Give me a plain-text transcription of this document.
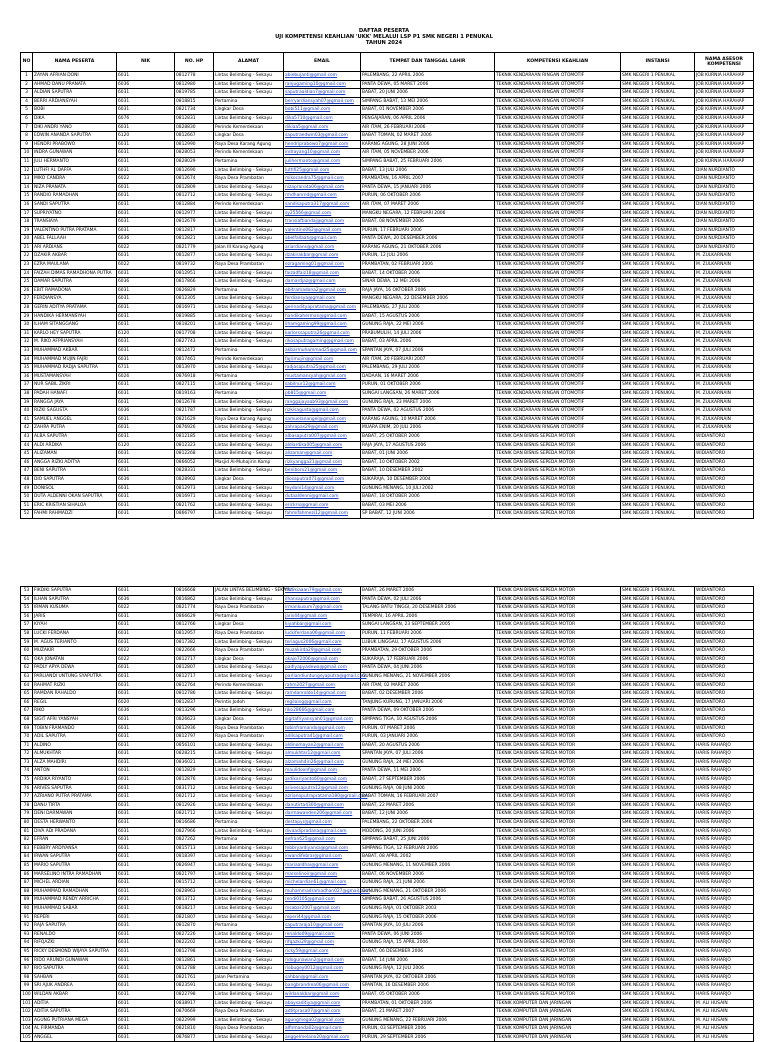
DAFTAR PESERTA
UJI KOMPETENSI KEAHLIAN 'UKK' MELALUI LSP P1 SMK NEGERI 1 PENUKAL
TAHUN 2024
NO	NAMA PESERTA	NIK	NO. HP	ALAMAT	EMAIL	TEMPAT DAN TANGGAL LAHIR	KOMPETENSI KEAHLIAN	INSTANSI	NAMA ASESOR KOMPETENSI
1	ZAYAN AFRIAN DONI	6031	0812778	Lintas Belimbing - Sekayu	abiebujanti@gmail.com	PALEMBANG, 22 APRIL 2006	TEKNIK KENDARAAN RINGAN OTOMOTIF	SMK NEGERI 1 PENUKAL	JOB KURNIA HARAHAP
2	AHMAD DANU PRANATA	6036	0812980	Lintas Belimbing - Sekayu	ranjugaming10@gmail.com	PANTA DEWA, 05 MARET 2006	TEKNIK KENDARAAN RINGAN OTOMOTIF	SMK NEGERI 1 PENUKAL	JOB KURNIA HARAHAP
3	ALDIAN SAPUTRA	6031	0819785	Lintas Belimbing - Sekayu	saputraaldian7@gmail.com	BABAT, 20 JUNI 2006	TEKNIK KENDARAAN RINGAN OTOMOTIF	SMK NEGERI 1 PENUKAL	JOB KURNIA HARAHAP
4	BERRI ARDIANSYAH	6031	0818815	Pertamina	berryardiansyah07@gmail.com	SIMPANG BABAT, 13 MEI 2006	TEKNIK KENDARAAN RINGAN OTOMOTIF	SMK NEGERI 1 PENUKAL	JOB KURNIA HARAHAP
5	BOBI	6031	0821734	Lingkar Desa	bobi511@gmail.com	BABAT, 01 NOVEMBER 2006	TEKNIK KENDARAAN RINGAN OTOMOTIF	SMK NEGERI 1 PENUKAL	JOB KURNIA HARAHAP
6	DIKA	6076	0812831	Lintas Belimbing - Sekayu	dika5710@gmail.com	PENGAJARAN, 06 APRIL 2006	TEKNIK KENDARAAN RINGAN OTOMOTIF	SMK NEGERI 1 PENUKAL	JOB KURNIA HARAHAP
7	DIKI ANDRI YANO	6031	0828830	Perindo Kemerdekaan	dikiaa5@gmail.com	AIR ITAM, 26 FEBRUARI 2006	TEKNIK KENDARAAN RINGAN OTOMOTIF	SMK NEGERI 1 PENUKAL	JOB KURNIA HARAHAP
8	EDWIN ANANDA SAPUTRA	6120	0812667	Lingkar Desa	saputraedwin03@gmail.com	BABAT TOMAN, 02 MARET 2006	TEKNIK KENDARAAN RINGAN OTOMOTIF	SMK NEGERI 1 PENUKAL	JOB KURNIA HARAHAP
9	HENDRI PRABOWO	6031	0812990	Raya Desa Karang Agung	hendriprabowo7@gmail.com	KARANG AGUNG, 28 JUNI 2006	TEKNIK KENDARAAN RINGAN OTOMOTIF	SMK NEGERI 1 PENUKAL	JOB KURNIA HARAHAP
10	INDRA GUNAWAN	6031	0828053	Perindo Kemerdekaan	indrayang10@gmail.com	AIR ITAM, 05 NOVEMBER 2006	TEKNIK KENDARAAN RINGAN OTOMOTIF	SMK NEGERI 1 PENUKAL	JOB KURNIA HARAHAP
11	JULI HERMANTO	6031	0828029	Pertamina	julihermanto@gmail.com	SIMPANG BABAT, 25 FEBRUARI 2006	TEKNIK KENDARAAN RINGAN OTOMOTIF	SMK NEGERI 1 PENUKAL	JOB KURNIA HARAHAP
12	LUTHFI AL DAFFA	6031	0812690	Lintas Belimbing - Sekayu	luthfi25@gmail.com	BABAT, 13 JULI 2006	TEKNIK KENDARAAN RINGAN OTOMOTIF	SMK NEGERI 1 PENUKAL	DIAN NURDIANTO
13	MIKO CANDRA	6022	0812674	Raya Desa Prambatan	mikocandra75@gmail.com	PRAMBATAN, 16 APRIL 2007	TEKNIK KENDARAAN RINGAN OTOMOTIF	SMK NEGERI 1 PENUKAL	DIAN NURDIANTO
14	NIZA PRANATA	6031	0812809	Lintas Belimbing - Sekayu	nizapranata06@gmail.com	PANTA DEWA, 15 JANUARI 2006	TEKNIK KENDARAAN RINGAN OTOMOTIF	SMK NEGERI 1 PENUKAL	DIAN NURDIANTO
15	RANDIO RAMADHAN	6031	0812712	Lintas Belimbing - Sekayu	rmdhanrnd@gmail.com	PURUN, 06 OKTOBER 2006	TEKNIK KENDARAAN RINGAN OTOMOTIF	SMK NEGERI 1 PENUKAL	DIAN NURDIANTO
16	SANDI SAPUTRA	6031	0812884	Perindo Kemerdekaan	sandisaputra317@gmail.com	AIR ITAM, 07 MARET 2006	TEKNIK KENDARAAN RINGAN OTOMOTIF	SMK NEGERI 1 PENUKAL	DIAN NURDIANTO
17	SUPRIYATNO	6031	0812977	Lintas Belimbing - Sekayu	sy25566@gmail.com	MANGKU NEGARA, 12 FEBRUARI 2006	TEKNIK KENDARAAN RINGAN OTOMOTIF	SMK NEGERI 1 PENUKAL	DIAN NURDIANTO
18	TRANSIAYA	6031	0812679	Lintas Belimbing - Sekayu	transiaftiandaj@gmail.com	BABAT, 08 NOVEMBER 2006	TEKNIK KENDARAAN RINGAN OTOMOTIF	SMK NEGERI 1 PENUKAL	DIAN NURDIANTO
19	VALENTINO PUTRA PRATAMA	6031	0812817	Lintas Belimbing - Sekayu	valentino062@gmail.com	PURUN, 17 FEBRUARI 2006	TEKNIK KENDARAAN RINGAN OTOMOTIF	SMK NEGERI 1 PENUKAL	DIAN NURDIANTO
20	ABEL FALLAAH	6036	0812821	Lintas Belimbing - Sekayu	abelfallaah@gmail.com	PANTA DEWA, 20 DESEMBER 2006	TEKNIK KENDARAAN RINGAN OTOMOTIF	SMK NEGERI 1 PENUKAL	DIAN NURDIANTO
21	ARI ARDIANS	6022	0821779	Jalan III Karang Agung	ariardians@gmail.com	KARANG AGUNG, 21 OKTOBER 2006	TEKNIK KENDARAAN RINGAN OTOMOTIF	SMK NEGERI 1 PENUKAL	DIAN NURDIANTO
22	DZAKIR AKBAR	6031	0812877	Lintas Belimbing - Sekayu	dzakirakbar@gmail.com	PURUN, 12 JULI 2006	TEKNIK KENDARAAN RINGAN OTOMOTIF	SMK NEGERI 1 PENUKAL	M. ZULKARNAIN
23	EZRA MAULANA	6022	0819732	Raya Desa Prambatan	ezragaming01@gmail.com	PRAMBATAN, 02 FEBRUARI 2006	TEKNIK KENDARAAN RINGAN OTOMOTIF	SMK NEGERI 1 PENUKAL	M. ZULKARNAIN
24	FAIZAH DIMAS RAMADHONA PUTRA	6031	0812951	Lintas Belimbing - Sekayu	faizadfaiz18@gmail.com	BABAT, 14 OKTOBER 2006	TEKNIK KENDARAAN RINGAN OTOMOTIF	SMK NEGERI 1 PENUKAL	M. ZULKARNAIN
25	DAMAR SAPUTRA	6036	0817866	Lintas Belimbing - Sekayu	damardjaz@gmail.com	SINAR DEWA, 12 MEI 2006	TEKNIK KENDARAAN RINGAN OTOMOTIF	SMK NEGERI 1 PENUKAL	M. ZULKARNAIN
26	EBIT RAMADONA	6031	0826829	Pertamina	ebitramadona2@gmail.com	RAJA JAYA, 16 OKTOBER 2006	TEKNIK KENDARAAN RINGAN OTOMOTIF	SMK NEGERI 1 PENUKAL	M. ZULKARNAIN
27	FERDIANSYA	6031	0812305	Lintas Belimbing - Sekayu	ferdiansya@gmail.com	MANGKU NEGARA, 22 DESEMBER 2006	TEKNIK KENDARAAN RINGAN OTOMOTIF	SMK NEGERI 1 PENUKAL	M. ZULKARNAIN
28	GERIN ADITYA PRATAMA	6031	0816971	Lintas Belimbing - Sekayu	gerinadityapratama@gmail.com	PALEMBANG, 27 JULI 2006	TEKNIK KENDARAAN RINGAN OTOMOTIF	SMK NEGERI 1 PENUKAL	M. ZULKARNAIN
29	HANDIKA HERMANSYAH	6031	0819885	Lintas Belimbing - Sekayu	handikaherman@gmail.com	BABAT, 15 AGUSTUS 2006	TEKNIK KENDARAAN RINGAN OTOMOTIF	SMK NEGERI 1 PENUKAL	M. ZULKARNAIN
30	ILHAM SITANGGANG	6031	0818201	Lintas Belimbing - Sekayu	ilhamgaming99@gmail.com	GUNUNG RAJA, 22 MEI 2006	TEKNIK KENDARAAN RINGAN OTOMOTIF	SMK NEGERI 1 PENUKAL	M. ZULKARNAIN
31	KARLO HEY SAPUTRA	6120	0817708	Lintas Belimbing - Sekayu	karlorssaputra26@gmail.com	PRABUMULIH, 14 JULI 2006	TEKNIK KENDARAAN RINGAN OTOMOTIF	SMK NEGERI 1 PENUKAL	M. ZULKARNAIN
32	M. RIKO AFPRIANSYAH	6031	0827743	Lintas Belimbing - Sekayu	rikosaputragaming@gmail.com	BABAT, 03 APRIL 2006	TEKNIK KENDARAAN RINGAN OTOMOTIF	SMK NEGERI 1 PENUKAL	M. ZULKARNAIN
33	MUHAMMAD AKBAR	6031	0812472	Pertamina	akbarmuhammad25@gmail.com	SPANTAN JAYA, 07 JULI 2006	TEKNIK KENDARAAN RINGAN OTOMOTIF	SMK NEGERI 1 PENUKAL	M. ZULKARNAIN
34	MUHAMMAD MUJIN FAJRI	6031	0817461	Perindo Kemerdekaan	fajrimujin@gmail.com	AIR ITAM, 20 FEBRUARI 2007	TEKNIK KENDARAAN RINGAN OTOMOTIF	SMK NEGERI 1 PENUKAL	M. ZULKARNAIN
35	MUHAMMAD RADJA SAPUTRA	6711	0813970	Lintas Belimbing - Sekayu	radjasaputra25@gmail.com	PALEMBANG, 29 JULI 2006	TEKNIK KENDARAAN RINGAN OTOMOTIF	SMK NEGERI 1 PENUKAL	M. ZULKARNAIN
36	MUSTAMANSYAH	6026	0876918	Pertamina	mustamansyah@gmail.com	DADAAN, 16 MARET 2006	TEKNIK KENDARAAN RINGAN OTOMOTIF	SMK NEGERI 1 PENUKAL	M. ZULKARNAIN
37	NUR SABIL ZIKRI	6031	0827115	Lintas Belimbing - Sekayu	sabilnur12@gmail.com	PURUN, 01 OKTOBER 2006	TEKNIK KENDARAAN RINGAN OTOMOTIF	SMK NEGERI 1 PENUKAL	M. ZULKARNAIN
38	PADAH HANAFI	6031	0819163	Pertamina	pb815@gmail.com	SUNGAI LANGSAN, 26 MARET 2006	TEKNIK KENDARAAN RINGAN OTOMOTIF	SMK NEGERI 1 PENUKAL	M. ZULKARNAIN
39	RANGGA JAYA	6031	0812678	Lintas Belimbing - Sekayu	ranggajayaab93@gmail.com	GUNUNG RAJA, 23 MARET 2006	TEKNIK KENDARAAN RINGAN OTOMOTIF	SMK NEGERI 1 PENUKAL	M. ZULKARNAIN
40	RIZKI SAGUSTA	6036	0821787	Lintas Belimbing - Sekayu	rizkisagusta@gmail.com	PANTA DEWA, 02 AGUSTUS 2006	TEKNIK KENDARAAN RINGAN OTOMOTIF	SMK NEGERI 1 PENUKAL	M. ZULKARNAIN
41	SAMUEL ANGGEL	6031	0821629	Raya Desa Karang Agung	samuelanangel@gmail.com	KARANG AGUNG, 10 MARET 2006	TEKNIK KENDARAAN RINGAN OTOMOTIF	SMK NEGERI 1 PENUKAL	M. ZULKARNAIN
42	ZAHRA PUTRA	6031	0876926	Lintas Belimbing - Sekayu	zahrapas29@gmail.com	MUARA ENIM, 20 JULI 2006	TEKNIK KENDARAAN RINGAN OTOMOTIF	SMK NEGERI 1 PENUKAL	M. ZULKARNAIN
43	ALBA SAPUTRA	6031	0812185	Lintas Belimbing - Sekayu	albasaputra007@gmail.com	BABAT, 25 OKTOBER 2006	TEKNIK DAN BISNIS SEPEDA MOTOR	SMK NEGERI 1 PENUKAL	WIDIANTORO
44	ALDI ARDIKA	6120	0812323	Lintas Belimbing - Sekayu	aldiardika005@gmail.com	RAJA JAYA, 17 AGUSTUS 2006	TEKNIK DAN BISNIS SEPEDA MOTOR	SMK NEGERI 1 PENUKAL	WIDIANTORO
45	ALIZAMAN	6031	0812268	Lintas Belimbing - Sekayu	alizaman@gmail.com	BABAT, 01 JUNI 2006	TEKNIK DAN BISNIS SEPEDA MOTOR	SMK NEGERI 1 PENUKAL	WIDIANTORO
46	ANGGA RIZKI ADITYA	6031	0866052	Masjid Al-Muhajirin Komp	rizkyangga21@gmail.com	BABAT, 10 OKTOBER 2002	TEKNIK DAN BISNIS SEPEDA MOTOR	SMK NEGERI 1 PENUKAL	WIDIANTORO
47	BENI SAPUTRA	6031	0828331	Lintas Belimbing - Sekayu	beniborx21@gmail.com	BABAT, 10 DESEMBER 2002	TEKNIK DAN BISNIS SEPEDA MOTOR	SMK NEGERI 1 PENUKAL	WIDIANTORO
48	DIO SAPUTRA	6036	0828902	Lingkar Desa	diosaputra071@gmail.com	SUKARAJA, 10 DESEMBER 2004	TEKNIK DAN BISNIS SEPEDA MOTOR	SMK NEGERI 1 PENUKAL	WIDIANTORO
49	DONISOL	6031	0812973	Lintas Belimbing - Sekayu	feydoni14@gmail.com	GUNUNG MENANG, 10 JULI 2002	TEKNIK DAN BISNIS SEPEDA MOTOR	SMK NEGERI 1 PENUKAL	WIDIANTORO
50	DUTA ALDENNI OKAN SAPUTRA	6031	0816971	Lintas Belimbing - Sekayu	dutaaldenni@gmail.com	BABAT, 18 OKTOBER 2006	TEKNIK DAN BISNIS SEPEDA MOTOR	SMK NEGERI 1 PENUKAL	WIDIANTORO
51	ERIC KRISTIAN SIHALOA	6031	0821762	Lintas Belimbing - Sekayu	erickris@gmail.com	BABAT, 03 MEI 2006	TEKNIK DAN BISNIS SEPEDA MOTOR	SMK NEGERI 1 PENUKAL	WIDIANTORO
52	FAHMI RAHMADZI	6031	0866797	Lintas Belimbing - Sekayu	fahmifahmezi12@gmail.com	SP BABAT, 12 JUNI 2006	TEKNIK DAN BISNIS SEPEDA MOTOR	SMK NEGERI 1 PENUKAL	WIDIANTORO
53	FIKDIKI SAPUTRA	6031	0816668	JALAN LINTAS BELIMBING - SEKAYU	fikdikiaaan79@gmail.com	BABAT, 26 MARET 2006	TEKNIK DAN BISNIS SEPEDA MOTOR	SMK NEGERI 1 PENUKAL	WIDIANTORO
54	ILHAN SAPUTRA	6036	0816862	Lintas Belimbing - Sekayu	ilhansaputra@gmail.com	PANTA DEWA, 02 JULI 2006	TEKNIK DAN BISNIS SEPEDA MOTOR	SMK NEGERI 1 PENUKAL	WIDIANTORO
55	IRMAN KUSUMA	6022	0821774	Raya Desa Prambatan	irmankusum7@gmail.com	TALANG BATU TINGGI, 20 DESEMBER 2006	TEKNIK DAN BISNIS SEPEDA MOTOR	SMK NEGERI 1 PENUKAL	WIDIANTORO
56	JARIS	6031	0866629	Pertamina	jaris44@gmail.com	TEMPIRAI, 16 APRIL 2006	TEKNIK DAN BISNIS SEPEDA MOTOR	SMK NEGERI 1 PENUKAL	WIDIANTORO
57	KIYAH	6031	0812766	Lingkar Desa	kiyahbar@gmail.com	SUNGAI LANGSAN, 23 SEPTEMBER 2005	TEKNIK DAN BISNIS SEPEDA MOTOR	SMK NEGERI 1 PENUKAL	WIDIANTORO
58	LUCKI FERDANA	6031	0812957	Raya Desa Prambatan	luckiferdana06@gmail.com	PURUN, 11 FEBRUARI 2006	TEKNIK DAN BISNIS SEPEDA MOTOR	SMK NEGERI 1 PENUKAL	WIDIANTORO
59	M. AGUS TERIANTO	6031	0817382	Lintas Belimbing - Sekayu	teriagus2006@gmail.com	LUBUK LINGGAU, 17 AGUSTUS 2006	TEKNIK DAN BISNIS SEPEDA MOTOR	SMK NEGERI 1 PENUKAL	WIDIANTORO
60	MUZAKIR	6022	0822666	Raya Desa Prambatan	muzakirda29@gmail.com	PRAMBATAN, 29 OKTOBER 2006	TEKNIK DAN BISNIS SEPEDA MOTOR	SMK NEGERI 1 PENUKAL	WIDIANTORO
61	OKA JONATAN	6022	0812717	Lingkar Desa	okajo72006@gmail.com	SUKARAJA, 17 FEBRUARI 2006	TEKNIK DAN BISNIS SEPEDA MOTOR	SMK NEGERI 1 PENUKAL	WIDIANTORO
62	PADLY APYA DEWA	6031	0812807	Lintas Belimbing - Sekayu	padlyapyadewa@gmail.com	PANTA DEWA, 04 JUNI 2006	TEKNIK DAN BISNIS SEPEDA MOTOR	SMK NEGERI 1 PENUKAL	WIDIANTORO
63	PARLIANDI UNTUNG SYAPUTRA	6031	0812717	Lintas Belimbing - Sekayu	parliandiuntungsyaputra@gmail.com	GUNUNG MENANG, 21 NOVEMBER 2006	TEKNIK DAN BISNIS SEPEDA MOTOR	SMK NEGERI 1 PENUKAL	WIDIANTORO
64	RAHMAT RIZKI	6031	0812764	Perindo Kemerdekaan	rahm2027@gmail.com	AIR ITAM, 02 MARET 2006	TEKNIK DAN BISNIS SEPEDA MOTOR	SMK NEGERI 1 PENUKAL	WIDIANTORO
65	RAMDAN RAHALDO	6031	0812786	Lintas Belimbing - Sekayu	ramdanraldo14@gmail.com	BABAT, 02 DESEMBER 2006	TEKNIK DAN BISNIS SEPEDA MOTOR	SMK NEGERI 1 PENUKAL	WIDIANTORO
66	REGIL	6020	0812837	Perintis Jodoh	regiloing@gmail.com	TANJUNG KURUNG, 17 JANUARI 2006	TEKNIK DAN BISNIS SEPEDA MOTOR	SMK NEGERI 1 PENUKAL	WIDIANTORO
67	RIKO	6036	0813296	Lintas Belimbing - Sekayu	riko28666@gmail.com	PANTA DEWA, 09 OKTOBER 2006	TEKNIK DAN BISNIS SEPEDA MOTOR	SMK NEGERI 1 PENUKAL	WIDIANTORO
68	SIGIT AFRI YANSYAH	6031	0826623	Lingkar Desa	sigitafriyansyah01@gmail.com	SIMPANG TIGA, 10 AGUSTUS 2006	TEKNIK DAN BISNIS SEPEDA MOTOR	SMK NEGERI 1 PENUKAL	WIDIANTORO
69	TOBIN FRAMANDO	6031	0812936	Raya Desa Prambatan	tobinframando@gmail.com	PURUN, 07 MARET 2006	TEKNIK DAN BISNIS SEPEDA MOTOR	SMK NEGERI 1 PENUKAL	WIDIANTORO
70	ADIL SAPUTRA	6031	0812797	Raya Desa Prambatan	adilsaputra41@gmail.com	PURUN, 03 JANUARI 2006	TEKNIK DAN BISNIS SEPEDA MOTOR	SMK NEGERI 1 PENUKAL	WIDIANTORO
71	ALDINO	6031	0856101	Lintas Belimbing - Sekayu	aldinomayan2@gmail.com	BABAT, 20 AGUSTUS 2006	TEKNIK DAN BISNIS SEPEDA MOTOR	SMK NEGERI 1 PENUKAL	HARIS RAHARJO
72	ALMUKHTAR	6031	0828215	Lintas Belimbing - Sekayu	almukhtar12@gmail.com	SPANTAN JAYA, 07 JULI 2006	TEKNIK DAN BISNIS SEPEDA MOTOR	SMK NEGERI 1 PENUKAL	HARIS RAHARJO
73	ALZA MAHDIRI	6031	0836021	Lintas Belimbing - Sekayu	alzamahdiri26@gmail.com	GUNUNG RAJA, 24 MEI 2006	TEKNIK DAN BISNIS SEPEDA MOTOR	SMK NEGERI 1 PENUKAL	HARIS RAHARJO
74	ANTON	6031	0812829	Lintas Belimbing - Sekayu	maulidoonf@gmail.com	PANTA DEWA, 11 MEI 2006	TEKNIK DAN BISNIS SEPEDA MOTOR	SMK NEGERI 1 PENUKAL	HARIS RAHARJO
75	ARDIKA RIYANTO	6031	0812876	Lintas Belimbing - Sekayu	ardikariyanto60@gmail.com	BABAT, 27 SEPTEMBER 2006	TEKNIK DAN BISNIS SEPEDA MOTOR	SMK NEGERI 1 PENUKAL	HARIS RAHARJO
76	ARIVES SAPUTRA	6031	0831712	Lintas Belimbing - Sekayu	arivessaputra12@gmail.com	GUNUNG RAJA, 08 JUNI 2006	TEKNIK DAN BISNIS SEPEDA MOTOR	SMK NEGERI 1 PENUKAL	HARIS RAHARJO
77	AZRIANO PUTRA PRATAMA	6031	0821712	Lintas Belimbing - Sekayu	azrianoputrapratama180@gmail.com	BABAT TOMAN, 16 FEBRUARI 2007	TEKNIK DAN BISNIS SEPEDA MOTOR	SMK NEGERI 1 PENUKAL	HARIS RAHARJO
78	DANU TIRTA	6031	0812926	Lintas Belimbing - Sekayu	danutirta4300@gmail.com	BABAT, 22 MARET 2006	TEKNIK DAN BISNIS SEPEDA MOTOR	SMK NEGERI 1 PENUKAL	HARIS RAHARJO
79	DENI DARMAWAN	6031	0821712	Lintas Belimbing - Sekayu	darmawanden206@gmail.com	BABAT, 12 JUNI 2006	TEKNIK DAN BISNIS SEPEDA MOTOR	SMK NEGERI 1 PENUKAL	HARIS RAHARJO
80	DESTA HERWANTO	6031	0816686	Pertamina	destapyr@gmail.com	PALEMBANG, 22 OKTOBER 2006	TEKNIK DAN BISNIS SEPEDA MOTOR	SMK NEGERI 1 PENUKAL	HARIS RAHARJO
81	DIVA ADI PRADANA	6031	0827966	Lintas Belimbing - Sekayu	divaadipradana@gmail.com	MODONG, 20 JUNI 2006	TEKNIK DAN BISNIS SEPEDA MOTOR	SMK NEGERI 1 PENUKAL	HARIS RAHARJO
82	EFRAN	6031	0827262	Pertamina	eefran625@gmail.com	SIMPANG BABAT, 25 JUNI 2006	TEKNIK DAN BISNIS SEPEDA MOTOR	SMK NEGERI 1 PENUKAL	HARIS RAHARJO
83	FEBBRY ARDIYANSA	6031	0815713	Lintas Belimbing - Sekayu	febbryardiyansa@gmail.com	SIMPANG TIGA, 12 FEBRUARI 2006	TEKNIK DAN BISNIS SEPEDA MOTOR	SMK NEGERI 1 PENUKAL	HARIS RAHARJO
84	IRWAN SAPUTRA	6031	0818397	Lintas Belimbing - Sekayu	irwandifebrar@gmail.com	BABAT, 08 APRIL 2002	TEKNIK DAN BISNIS SEPEDA MOTOR	SMK NEGERI 1 PENUKAL	HARIS RAHARJO
85	MARIO SAPUTRA	6031	0826947	Lintas Belimbing - Sekayu	mariaaldhai@gmail.com	GUNUNG MENANG, 11 NOVEMBER 2006	TEKNIK DAN BISNIS SEPEDA MOTOR	SMK NEGERI 1 PENUKAL	HARIS RAHARJO
86	MARSELINO INTRA RAMADHAN	6031	0821797	Lintas Belimbing - Sekayu	marselinoir@gmail.com	BABAT, 06 NOVEMBER 2006	TEKNIK DAN BISNIS SEPEDA MOTOR	SMK NEGERI 1 PENUKAL	HARIS RAHARJO
87	MICHEL ARDIAN	6031	0815712	Lintas Belimbing - Sekayu	michelardian61@gmail.com	GUNUNG RAJA, 21 JUNI 2006	TEKNIK DAN BISNIS SEPEDA MOTOR	SMK NEGERI 1 PENUKAL	HARIS RAHARJO
88	MUHAMMAD RAMADHAN	6031	0828963	Lintas Belimbing - Sekayu	muhammadramadhan027@gmail.com	GUNUNG MENANG, 21 OKTOBER 2006	TEKNIK DAN BISNIS SEPEDA MOTOR	SMK NEGERI 1 PENUKAL	HARIS RAHARJO
89	MUHAMMAD RENDY ARRICHA	6031	0813712	Lintas Belimbing - Sekayu	rendi0105@gmail.com	SIMPANG BABAT, 26 AGUSTUS 2006	TEKNIK DAN BISNIS SEPEDA MOTOR	SMK NEGERI 1 PENUKAL	HARIS RAHARJO
90	MUHAMMAD SABAR	6031	0818217	Lintas Belimbing - Sekayu	msabar2007@gmail.com	GUNUNG RAJA, 01 OKTOBER 2003	TEKNIK DAN BISNIS SEPEDA MOTOR	SMK NEGERI 1 PENUKAL	HARIS RAHARJO
91	REPERI	6031	0821807	Lintas Belimbing - Sekayu	reperi44@gmail.com	GUNUNG RAJA, 15 OKTOBER 2006	TEKNIK DAN BISNIS SEPEDA MOTOR	SMK NEGERI 1 PENUKAL	HARIS RAHARJO
92	RAJA SAPUTRA	6031	0812870	Pertamina	saputraraja10@gmail.com	SPANTAN JAYA, 10 JULI 2006	TEKNIK DAN BISNIS SEPEDA MOTOR	SMK NEGERI 1 PENUKAL	HARIS RAHARJO
93	RENALDO	6031	0827226	Lintas Belimbing - Sekayu	renaldo09@gmail.com	PANTA DEWA, 06 JUNI 2006	TEKNIK DAN BISNIS SEPEDA MOTOR	SMK NEGERI 1 PENUKAL	HARIS RAHARJO
94	RIFQAZKI	6031	0822202	Lintas Belimbing - Sekayu	rifqazki29@gmail.com	GUNUNG RAJA, 15 APRIL 2006	TEKNIK DAN BISNIS SEPEDA MOTOR	SMK NEGERI 1 PENUKAL	HARIS RAHARJO
95	RICKY DESMOND WIJAYA SAPUTRA	6031	0812798	Lintas Belimbing - Sekayu	ricky59@gmail.com	BABAT, 06 DESEMBER 2006	TEKNIK DAN BISNIS SEPEDA MOTOR	SMK NEGERI 1 PENUKAL	HARIS RAHARJO
96	RIDO ARUNDI GUNAWAN	6031	0812861	Lintas Belimbing - Sekayu	ridogunawan2@gmail.com	BABAT, 14 JUNI 2006	TEKNIK DAN BISNIS SEPEDA MOTOR	SMK NEGERI 1 PENUKAL	HARIS RAHARJO
97	RIO SAPUTRA	6031	0812788	Lintas Belimbing - Sekayu	riobugey0012@gmail.com	GUNUNG RAJA, 12 JULI 2006	TEKNIK DAN BISNIS SEPEDA MOTOR	SMK NEGERI 1 PENUKAL	HARIS RAHARJO
98	SAHBAN	6031	0821761	Jalan Pertamina	sahban@gmail.com	SPANTAN JAYA, 02 OKTOBER 2006	TEKNIK DAN BISNIS SEPEDA MOTOR	SMK NEGERI 1 PENUKAL	HARIS RAHARJO
99	SRI AJUK ANDREA	6031	0823591	Lintas Belimbing - Sekayu	bangbrandrea06@gmail.com	SPANTAN, 16 DESEMBER 2006	TEKNIK DAN BISNIS SEPEDA MOTOR	SMK NEGERI 1 PENUKAL	HARIS RAHARJO
100	WILDAN AKBAR	6031	0822798	Lintas Belimbing - Sekayu	wildanakbar@gmail.com	BABAT, 05 OKTOBER 2006	TEKNIK DAN BISNIS SEPEDA MOTOR	SMK NEGERI 1 PENUKAL	HARIS RAHARJO
101	ADITIA	6031	0838917	Lintas Belimbing - Sekayu	abaysaditiya@gmail.com	PRAMBATAN, 01 OKTOBER 2006	TEKNIK KOMPUTER DAN JARINGAN	SMK NEGERI 1 PENUKAL	M. ALI HUSAIN
102	ADITIA SAPUTRA	6031	0870669	Raya Desa Prambatan	adtitprasa07@gmail.com	BABAT, 21 MARET 2007	TEKNIK KOMPUTER DAN JARINGAN	SMK NEGERI 1 PENUKAL	M. ALI HUSAIN
103	AGUNG PUTRIANA MEGA	6031	0822999	Lintas Belimbing - Sekayu	agungmega02@gmail.com	GUNUNG MENANG, 22 FEBRUARI 2006	TEKNIK KOMPUTER DAN JARINGAN	SMK NEGERI 1 PENUKAL	M. ALI HUSAIN
104	AL FIRMANDA	6031	0821810	Raya Desa Prambatan	alfirmanda02@gmail.com	PURUN, 03 SEPTEMBER 2006	TEKNIK KOMPUTER DAN JARINGAN	SMK NEGERI 1 PENUKAL	M. ALI HUSAIN
105	ANGGEL	6031	0876877	Lintas Belimbing - Sekayu	anggelmelano20@gmail.com	PURUN, 29 SEPTEMBER 2006	TEKNIK KOMPUTER DAN JARINGAN	SMK NEGERI 1 PENUKAL	M. ALI HUSAIN
